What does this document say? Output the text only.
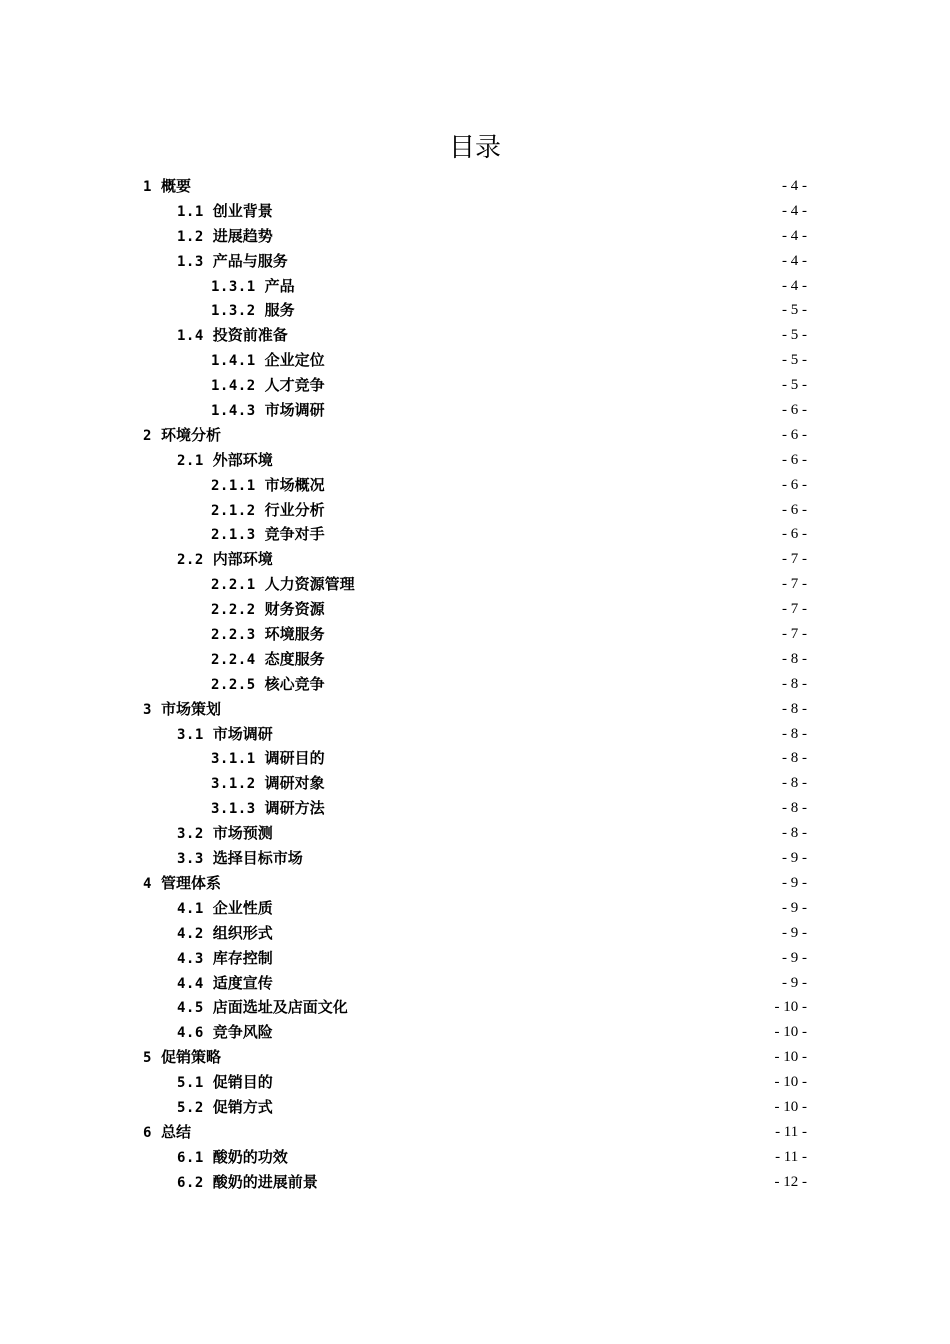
目录
1 概要	- 4 -
1.1 创业背景	- 4 -
1.2 进展趋势	- 4 -
1.3 产品与服务	- 4 -
1.3.1 产品	- 4 -
1.3.2 服务	- 5 -
1.4 投资前准备	- 5 -
1.4.1 企业定位	- 5 -
1.4.2 人才竞争	- 5 -
1.4.3 市场调研	- 6 -
2 环境分析	- 6 -
2.1 外部环境	- 6 -
2.1.1 市场概况	- 6 -
2.1.2 行业分析	- 6 -
2.1.3 竞争对手	- 6 -
2.2 内部环境	- 7 -
2.2.1 人力资源管理	- 7 -
2.2.2 财务资源	- 7 -
2.2.3 环境服务	- 7 -
2.2.4 态度服务	- 8 -
2.2.5 核心竞争	- 8 -
3 市场策划	- 8 -
3.1 市场调研	- 8 -
3.1.1 调研目的	- 8 -
3.1.2 调研对象	- 8 -
3.1.3 调研方法	- 8 -
3.2 市场预测	- 8 -
3.3 选择目标市场	- 9 -
4 管理体系	- 9 -
4.1 企业性质	- 9 -
4.2 组织形式	- 9 -
4.3 库存控制	- 9 -
4.4 适度宣传	- 9 -
4.5 店面选址及店面文化	- 10 -
4.6 竞争风险	- 10 -
5 促销策略	- 10 -
5.1 促销目的	- 10 -
5.2 促销方式	- 10 -
6 总结	- 11 -
6.1 酸奶的功效	- 11 -
6.2 酸奶的进展前景	- 12 -
